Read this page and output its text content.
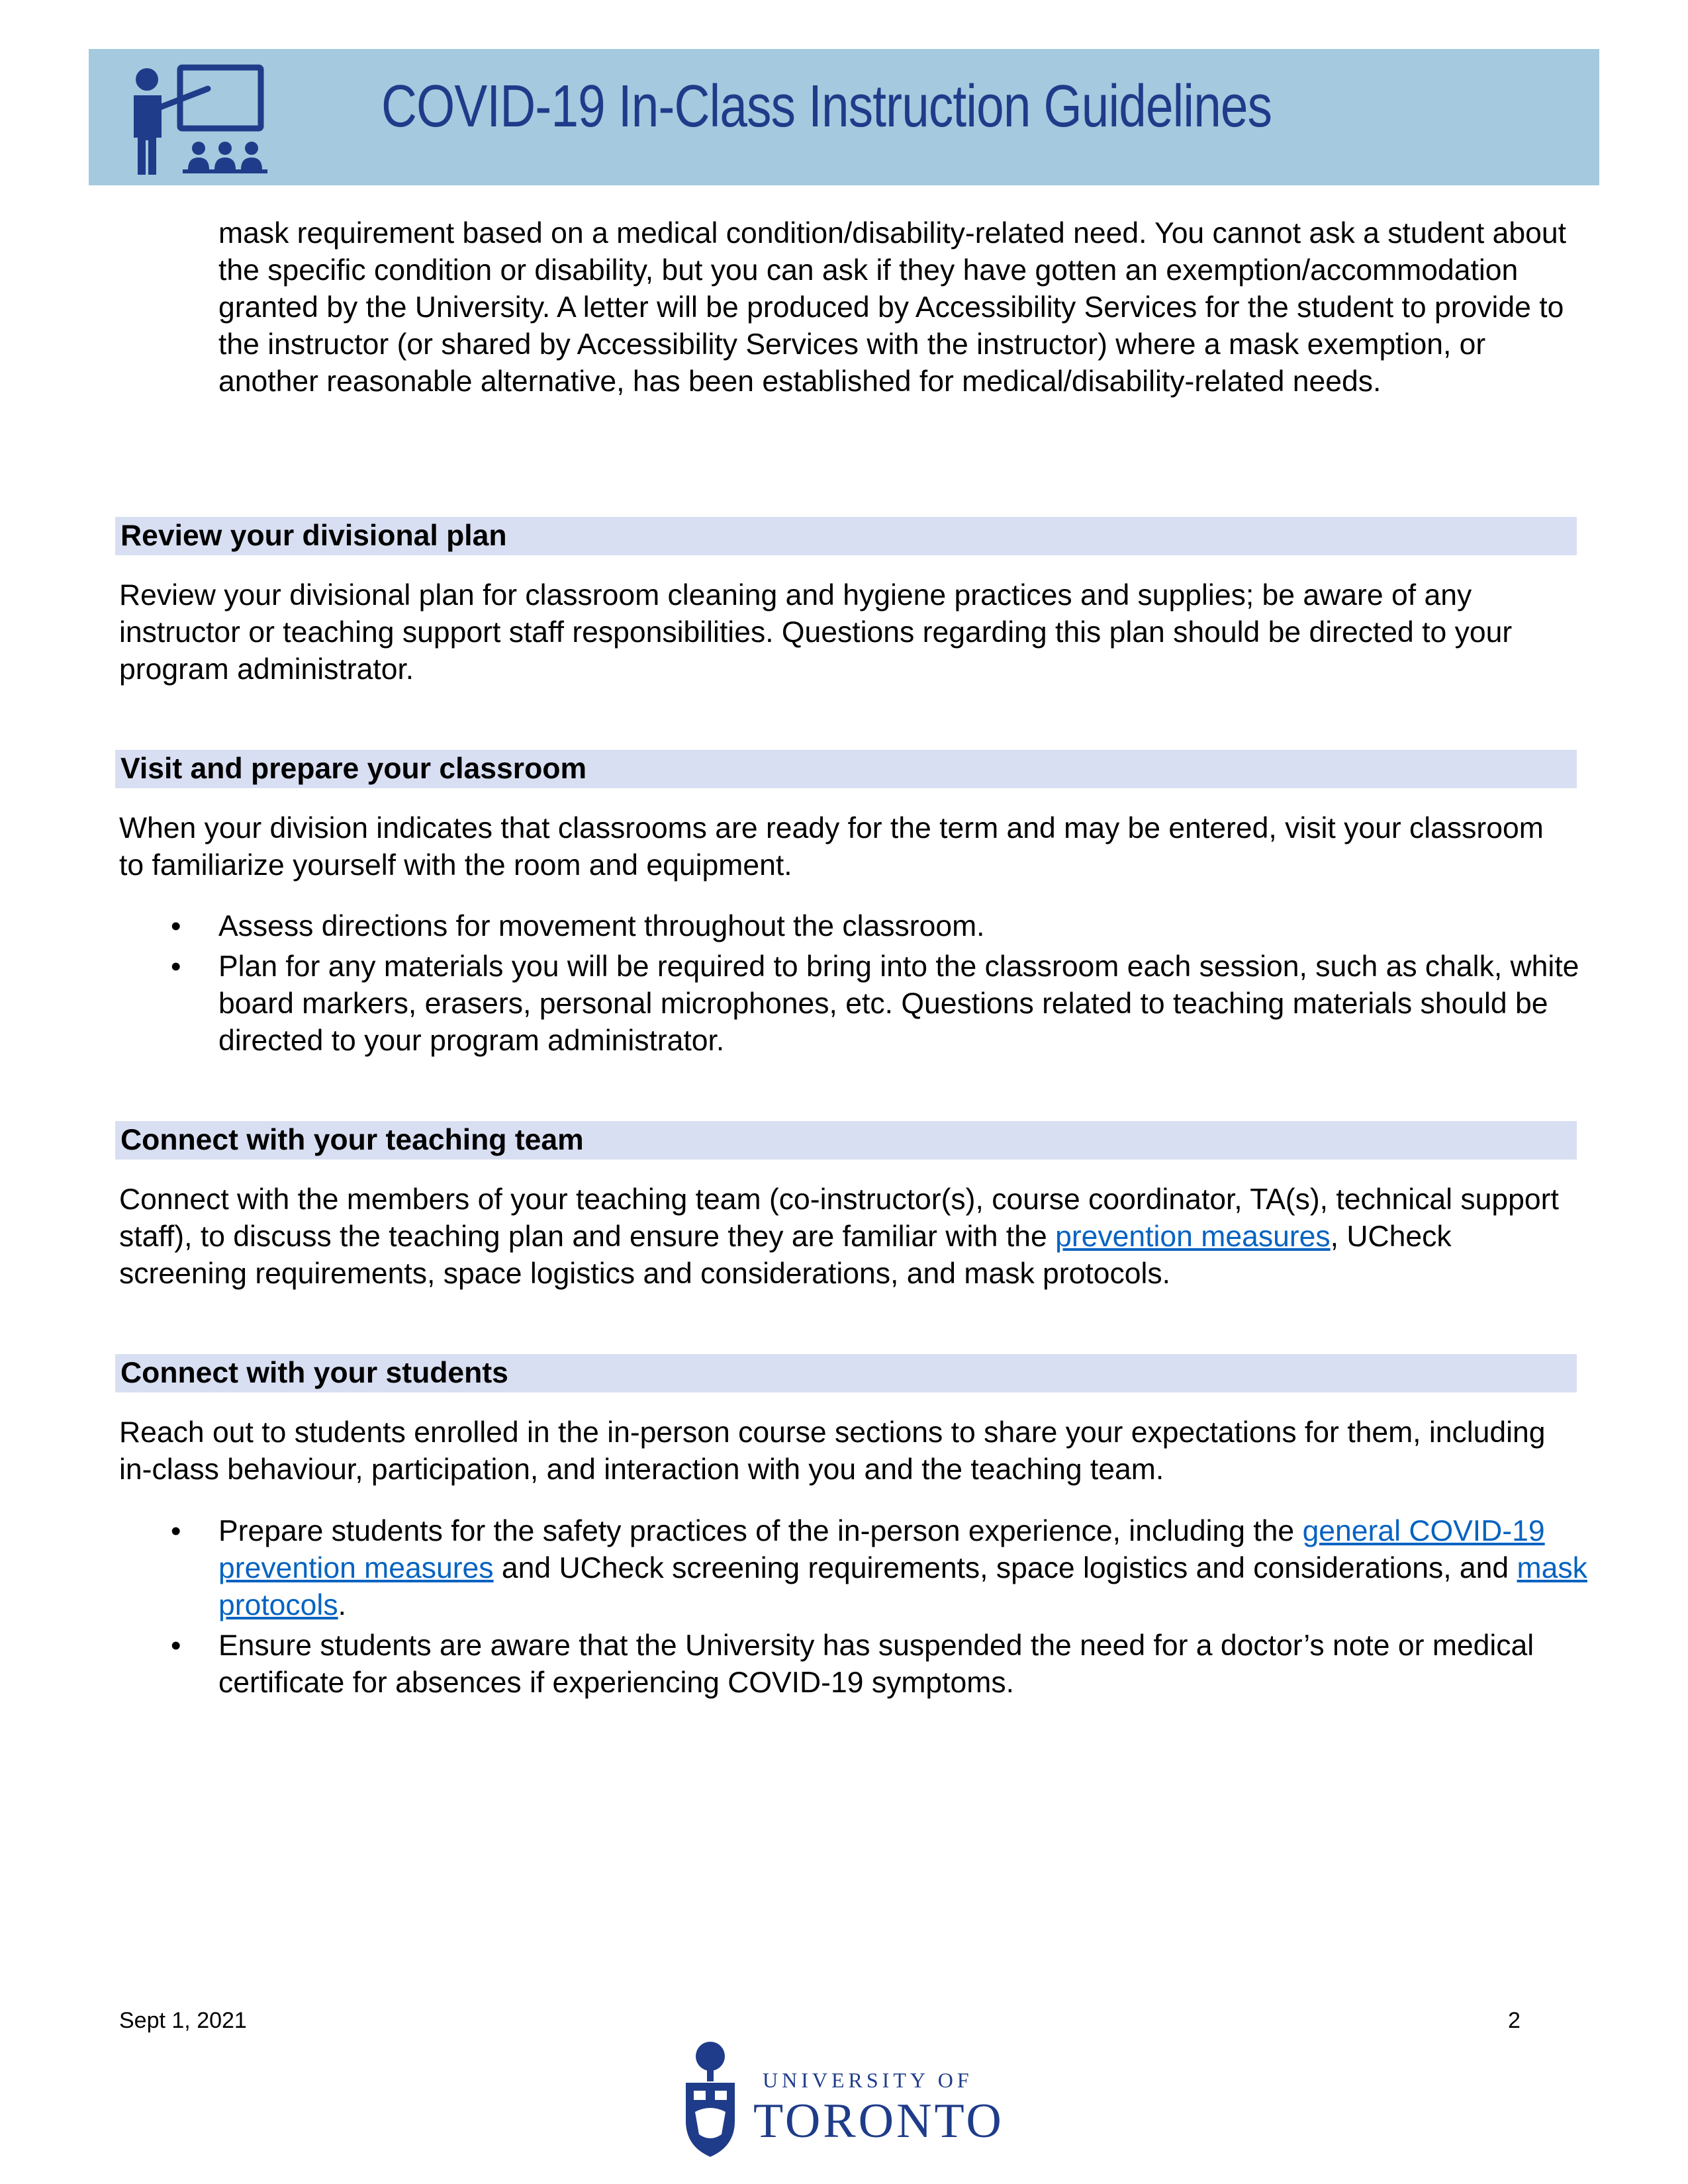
COVID-19 In-Class Instruction Guidelines

mask requirement based on a medical condition/disability-related need. You cannot ask a student about the specific condition or disability, but you can ask if they have gotten an exemption/accommodation granted by the University. A letter will be produced by Accessibility Services for the student to provide to the instructor (or shared by Accessibility Services with the instructor) where a mask exemption, or another reasonable alternative, has been established for medical/disability-related needs.

Review your divisional plan

Review your divisional plan for classroom cleaning and hygiene practices and supplies; be aware of any instructor or teaching support staff responsibilities. Questions regarding this plan should be directed to your program administrator.

Visit and prepare your classroom

When your division indicates that classrooms are ready for the term and may be entered, visit your classroom to familiarize yourself with the room and equipment.

• Assess directions for movement throughout the classroom.
• Plan for any materials you will be required to bring into the classroom each session, such as chalk, white board markers, erasers, personal microphones, etc. Questions related to teaching materials should be directed to your program administrator.
Connect with your teaching team

Connect with the members of your teaching team (co-instructor(s), course coordinator, TA(s), technical support staff), to discuss the teaching plan and ensure they are familiar with the prevention measures, UCheck screening requirements, space logistics and considerations, and mask protocols.

Connect with your students

Reach out to students enrolled in the in-person course sections to share your expectations for them, including in-class behaviour, participation, and interaction with you and the teaching team.

• Prepare students for the safety practices of the in-person experience, including the general COVID-19 prevention measures and UCheck screening requirements, space logistics and considerations, and mask protocols.
• Ensure students are aware that the University has suspended the need for a doctor’s note or medical certificate for absences if experiencing COVID-19 symptoms.
Sept 1, 2021	2
UNIVERSITY OF
TORONTO
